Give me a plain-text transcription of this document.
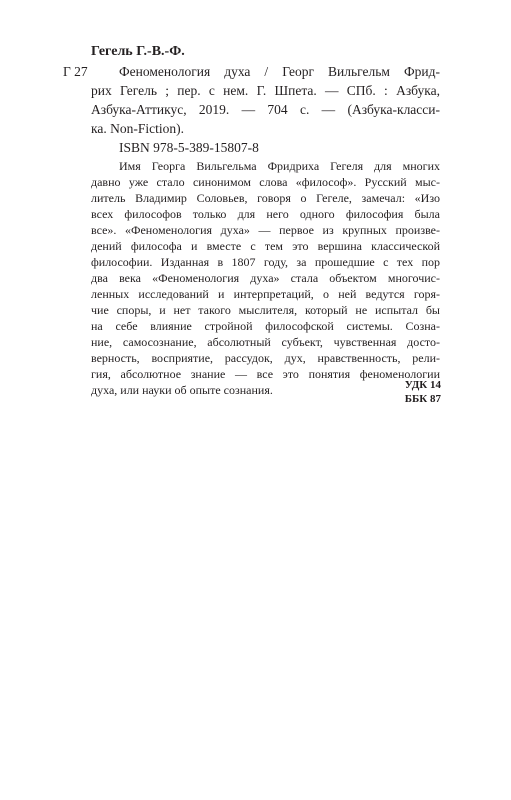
Гегель Г.-В.-Ф.
Г 27 Феноменология духа / Георг Вильгельм Фрид-
рих Гегель ; пер. с нем. Г. Шпета. — СПб. : Азбука,
Азбука-Аттикус, 2019. — 704 с. — (Азбука-класси-
ка. Non-Fiction).
ISBN 978-5-389-15807-8
Имя Георга Вильгельма Фридриха Гегеля для многих
давно уже стало синонимом слова «философ». Русский мыс-
литель Владимир Соловьев, говоря о Гегеле, замечал: «Изо
всех философов только для него одного философия была
все». «Феноменология духа» — первое из крупных произве-
дений философа и вместе с тем это вершина классической
философии. Изданная в 1807 году, за прошедшие с тех пор
два века «Феноменология духа» стала объектом многочис-
ленных исследований и интерпретаций, о ней ведутся горя-
чие споры, и нет такого мыслителя, который не испытал бы
на себе влияние стройной философской системы. Созна-
ние, самосознание, абсолютный субъект, чувственная досто-
верность, восприятие, рассудок, дух, нравственность, рели-
гия, абсолютное знание — все это понятия феноменологии
духа, или науки об опыте сознания.	УДК 14
ББК 87
